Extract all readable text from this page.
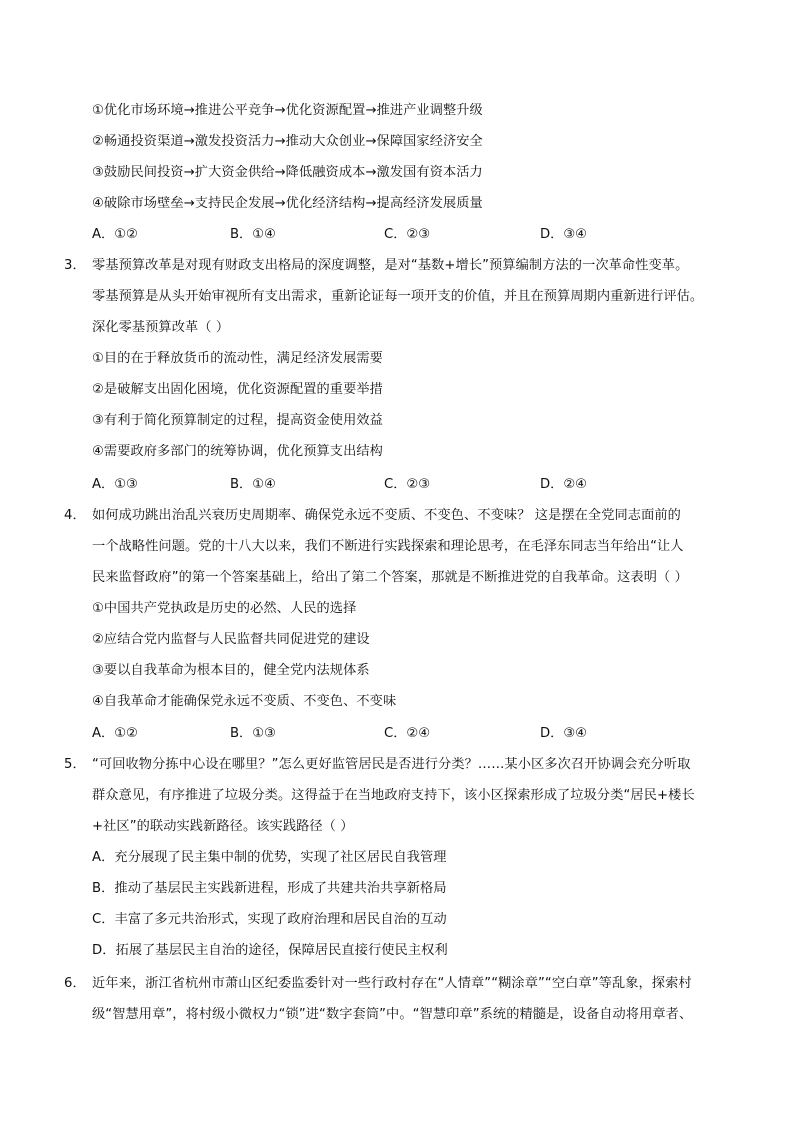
①优化市场环境→推进公平竞争→优化资源配置→推进产业调整升级
②畅通投资渠道→激发投资活力→推动大众创业→保障国家经济安全
③鼓励民间投资→扩大资金供给→降低融资成本→激发国有资本活力
④破除市场壁垒→支持民企发展→优化经济结构→提高经济发展质量
A．①②	B．①④	C．②③	D．③④
3． 零基预算改革是对现有财政支出格局的深度调整，是对“基数+增长”预算编制方法的一次革命性变革。
零基预算是从头开始审视所有支出需求，重新论证每一项开支的价值，并且在预算周期内重新进行评估。
深化零基预算改革（ ）
①目的在于释放货币的流动性，满足经济发展需要
②是破解支出固化困境，优化资源配置的重要举措
③有利于简化预算制定的过程，提高资金使用效益
④需要政府多部门的统筹协调，优化预算支出结构
A．①③	B．①④	C．②③	D．②④
4． 如何成功跳出治乱兴衰历史周期率、确保党永远不变质、不变色、不变味？ 这是摆在全党同志面前的
一个战略性问题。党的十八大以来，我们不断进行实践探索和理论思考，在毛泽东同志当年给出“让人
民来监督政府”的第一个答案基础上，给出了第二个答案，那就是不断推进党的自我革命。这表明（ ）
①中国共产党执政是历史的必然、人民的选择
②应结合党内监督与人民监督共同促进党的建设
③要以自我革命为根本目的，健全党内法规体系
④自我革命才能确保党永远不变质、不变色、不变味
A．①②	B．①③	C．②④	D．③④
5． “可回收物分拣中心设在哪里？”怎么更好监管居民是否进行分类？……某小区多次召开协调会充分听取
群众意见，有序推进了垃圾分类。这得益于在当地政府支持下，该小区探索形成了垃圾分类“居民+楼长
+社区”的联动实践新路径。该实践路径（ ）
A．充分展现了民主集中制的优势，实现了社区居民自我管理
B．推动了基层民主实践新进程，形成了共建共治共享新格局
C．丰富了多元共治形式，实现了政府治理和居民自治的互动
D．拓展了基层民主自治的途径，保障居民直接行使民主权利
6． 近年来，浙江省杭州市萧山区纪委监委针对一些行政村存在“人情章”“糊涂章”“空白章”等乱象，探索村
级“智慧用章”，将村级小微权力“锁”进“数字套筒”中。“智慧印章”系统的精髓是，设备自动将用章者、
